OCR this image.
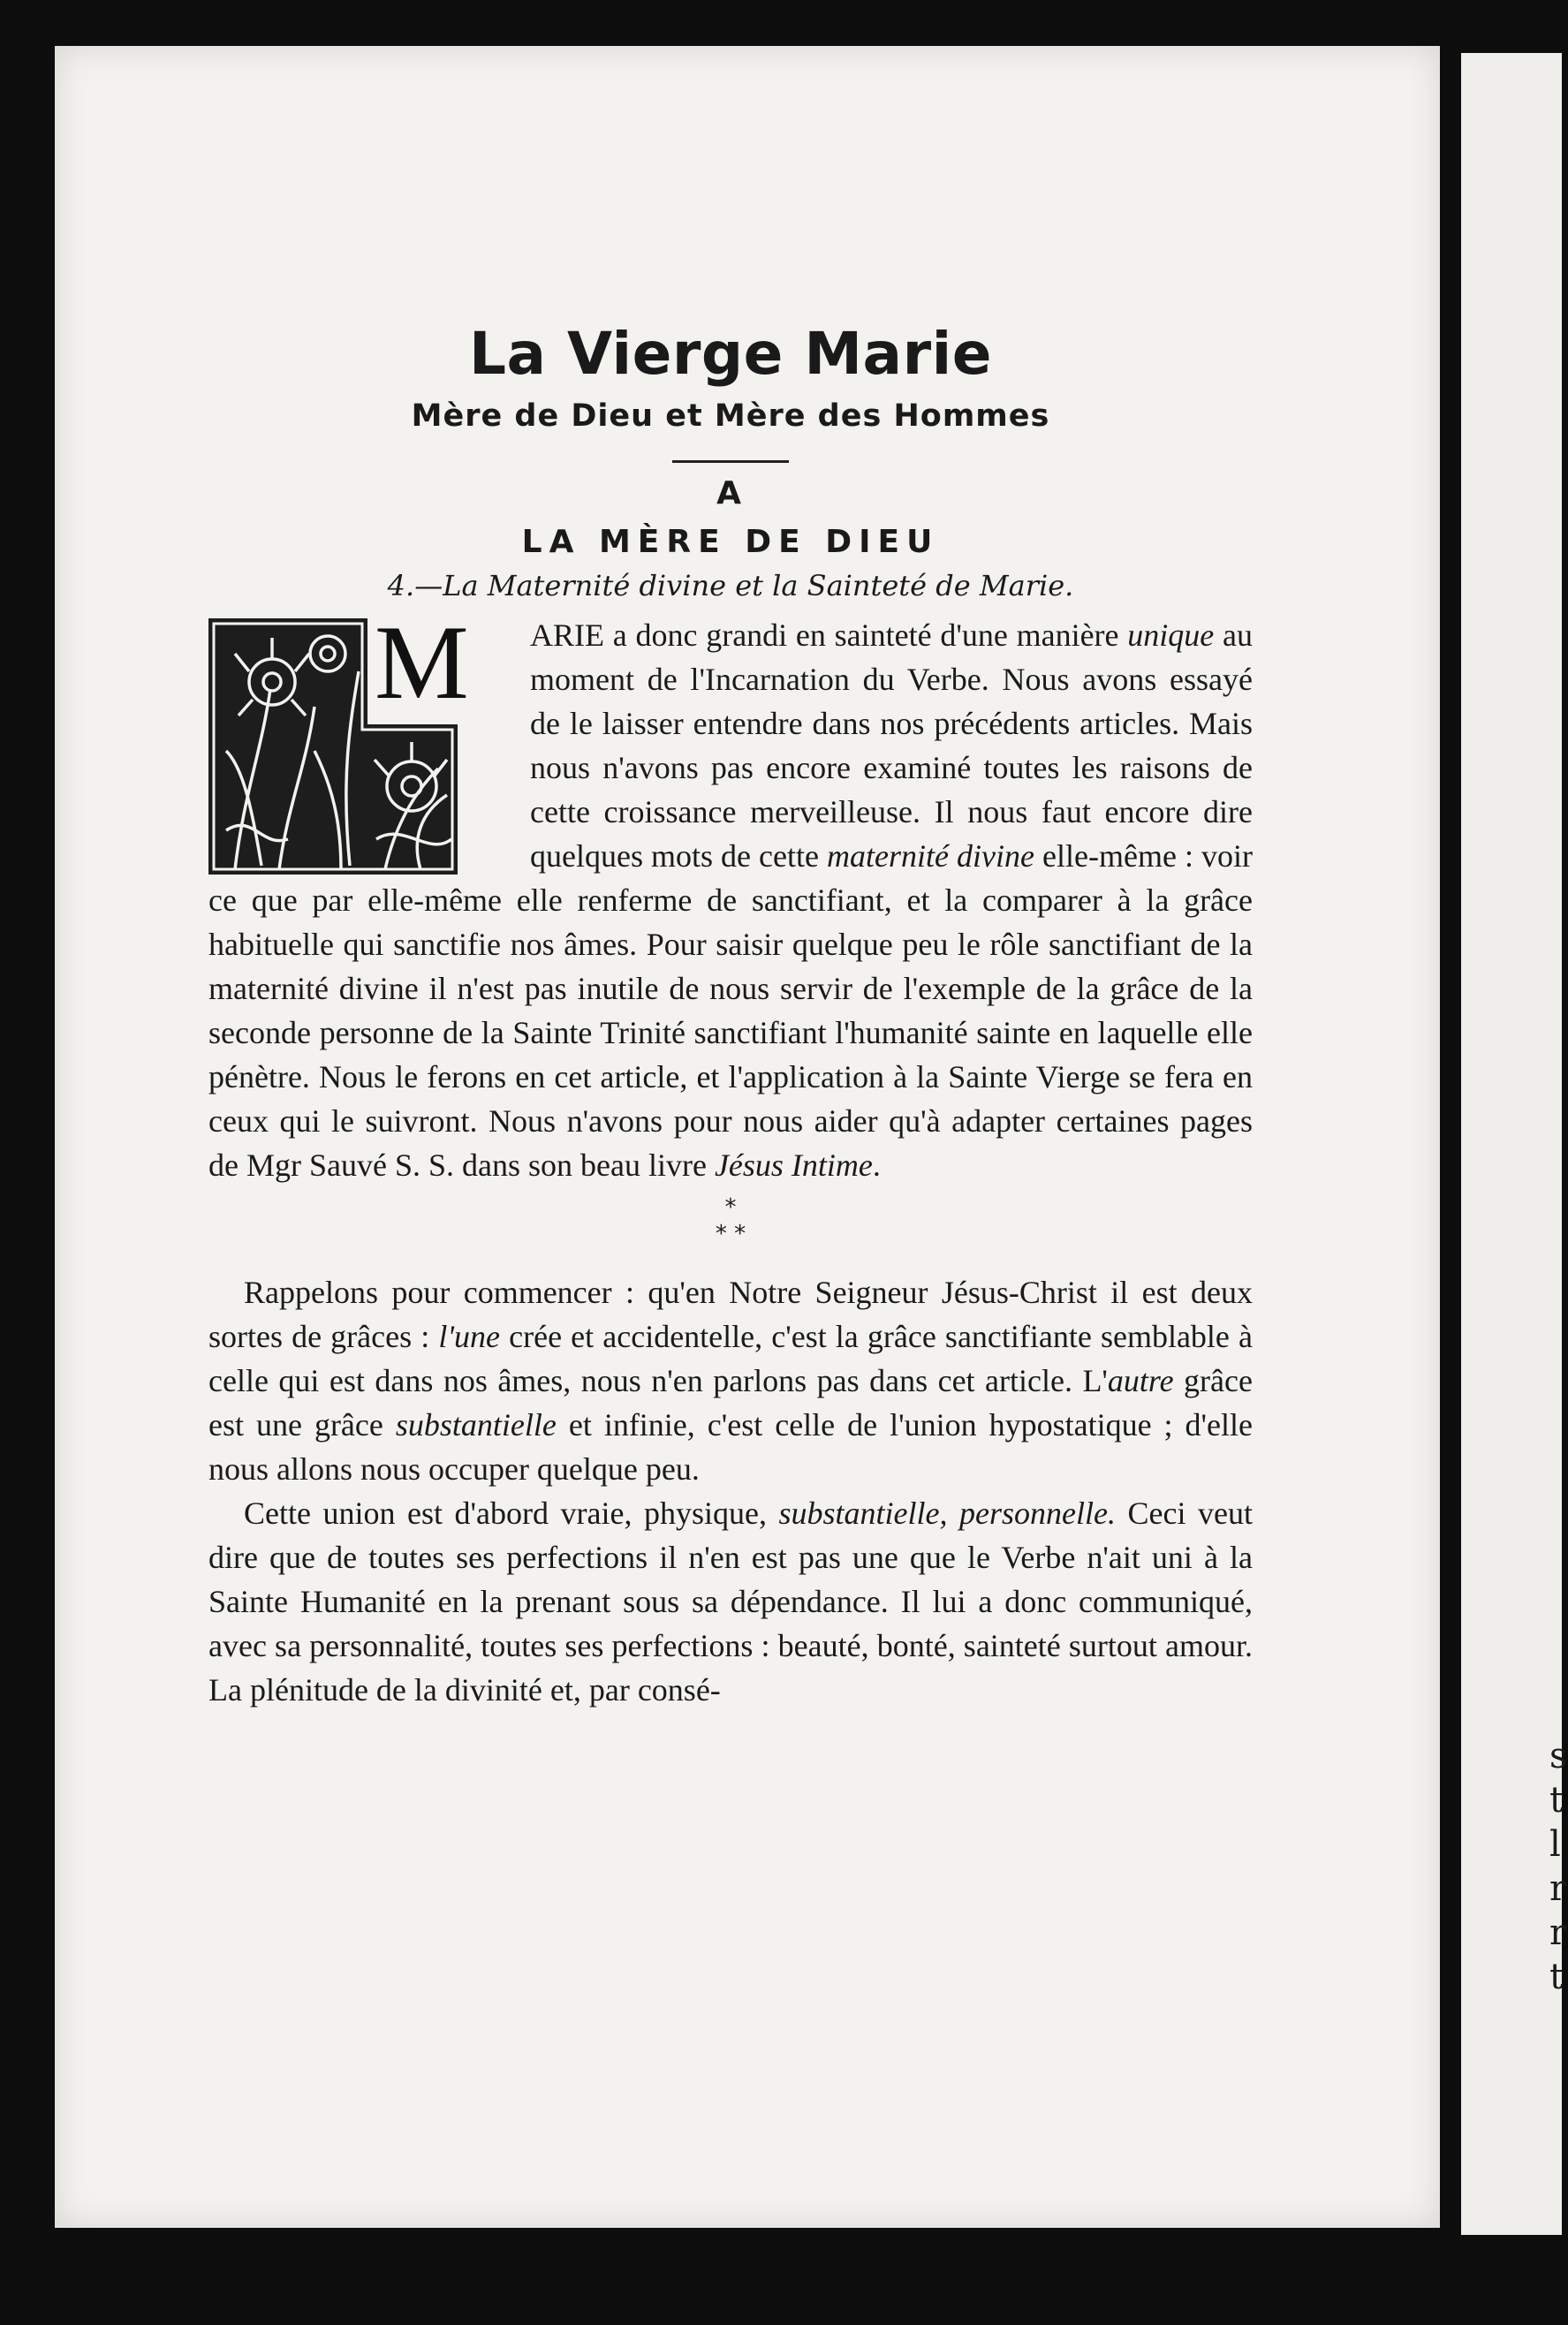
s
t
l
r
r
t
La Vierge Marie
Mère de Dieu et Mère des Hommes
A
LA MÈRE DE DIEU
4.—La Maternité divine et la Sainteté de Marie.

M ARIE a donc grandi en sainteté d'une manière unique au moment de l'Incarnation du Verbe. Nous avons essayé de le laisser entendre dans nos précédents articles. Mais nous n'avons pas encore examiné toutes les raisons de cette croissance merveilleuse. Il nous faut encore dire quelques mots de cette maternité divine elle-même : voir ce que par elle-même elle renferme de sanctifiant, et la comparer à la grâce habituelle qui sanctifie nos âmes. Pour saisir quelque peu le rôle sanctifiant de la maternité divine il n'est pas inutile de nous servir de l'exemple de la grâce de la seconde personne de la Sainte Trinité sanctifiant l'humanité sainte en laquelle elle pénètre. Nous le ferons en cet article, et l'application à la Sainte Vierge se fera en ceux qui le suivront. Nous n'avons pour nous aider qu'à adapter certaines pages de Mgr Sauvé S. S. dans son beau livre Jésus Intime.

*
* *

Rappelons pour commencer : qu'en Notre Seigneur Jésus-Christ il est deux sortes de grâces : l'une crée et accidentelle, c'est la grâce sanctifiante semblable à celle qui est dans nos âmes, nous n'en parlons pas dans cet article. L'autre grâce est une grâce substantielle et infinie, c'est celle de l'union hypostatique ; d'elle nous allons nous occuper quelque peu.

Cette union est d'abord vraie, physique, substantielle, personnelle. Ceci veut dire que de toutes ses perfections il n'en est pas une que le Verbe n'ait uni à la Sainte Humanité en la prenant sous sa dépendance. Il lui a donc communiqué, avec sa personnalité, toutes ses perfections : beauté, bonté, sainteté surtout amour. La plénitude de la divinité et, par consé-
